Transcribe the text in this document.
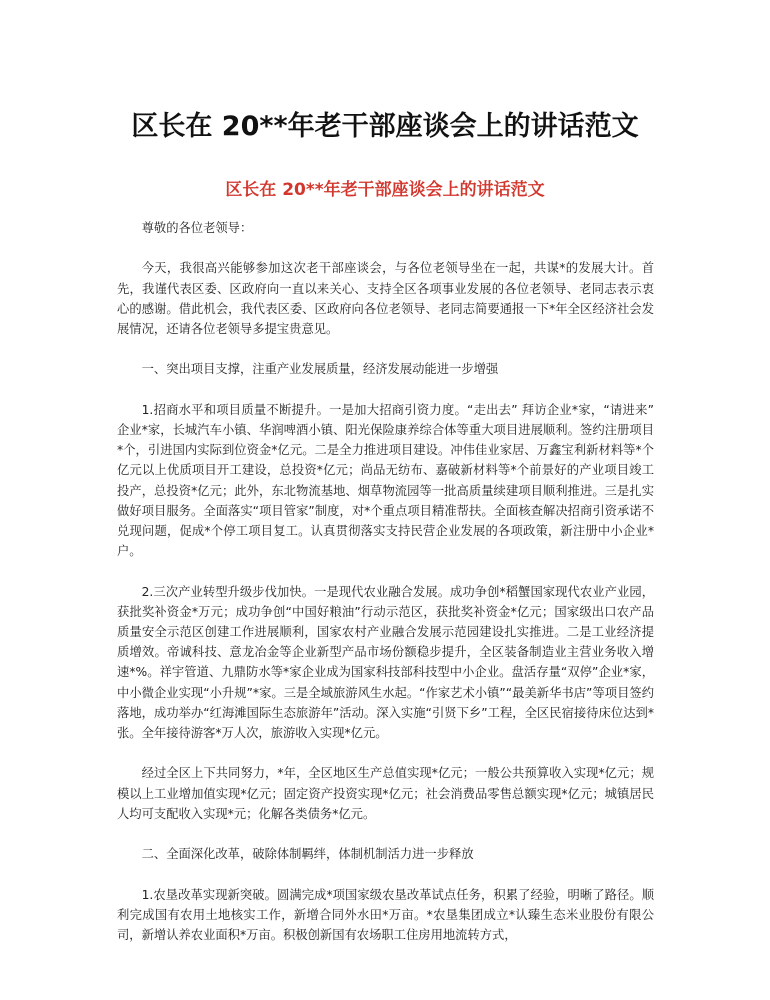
区长在 20**年老干部座谈会上的讲话范文
区长在 20**年老干部座谈会上的讲话范文

尊敬的各位老领导：

今天，我很高兴能够参加这次老干部座谈会，与各位老领导坐在一起，共谋*的发展大计。首先，我谨代表区委、区政府向一直以来关心、支持全区各项事业发展的各位老领导、老同志表示衷心的感谢。借此机会，我代表区委、区政府向各位老领导、老同志简要通报一下*年全区经济社会发展情况，还请各位老领导多提宝贵意见。

一、突出项目支撑，注重产业发展质量，经济发展动能进一步增强

1.招商水平和项目质量不断提升。一是加大招商引资力度。“走出去” 拜访企业*家，“请进来” 企业*家，长城汽车小镇、华润啤酒小镇、阳光保险康养综合体等重大项目进展顺利。签约注册项目*个，引进国内实际到位资金*亿元。二是全力推进项目建设。冲伟佳业家居、万鑫宝利新材料等*个亿元以上优质项目开工建设，总投资*亿元；尚品无纺布、嘉破新材料等*个前景好的产业项目竣工投产，总投资*亿元；此外，东北物流基地、烟草物流园等一批高质量续建项目顺利推进。三是扎实做好项目服务。全面落实“项目管家”制度，对*个重点项目精准帮扶。全面核查解决招商引资承诺不兑现问题，促成*个停工项目复工。认真贯彻落实支持民营企业发展的各项政策，新注册中小企业*户。

2.三次产业转型升级步伐加快。一是现代农业融合发展。成功争创*稻蟹国家现代农业产业园，获批奖补资金*万元；成功争创“中国好粮油”行动示范区，获批奖补资金*亿元；国家级出口农产品质量安全示范区创建工作进展顺利，国家农村产业融合发展示范园建设扎实推进。二是工业经济提质增效。帝诚科技、意龙冶金等企业新型产品市场份额稳步提升，全区装备制造业主营业务收入增速*%。祥宇管道、九鼎防水等*家企业成为国家科技部科技型中小企业。盘活存量“双停”企业*家，中小微企业实现“小升规”*家。三是全域旅游风生水起。“作家艺术小镇”“最美新华书店”等项目签约落地，成功举办“红海滩国际生态旅游年”活动。深入实施“引贤下乡”工程，全区民宿接待床位达到*张。全年接待游客*万人次，旅游收入实现*亿元。

经过全区上下共同努力，*年，全区地区生产总值实现*亿元；一般公共预算收入实现*亿元；规模以上工业增加值实现*亿元；固定资产投资实现*亿元；社会消费品零售总额实现*亿元；城镇居民人均可支配收入实现*元；化解各类债务*亿元。

二、全面深化改革，破除体制羁绊，体制机制活力进一步释放

1.农垦改革实现新突破。圆满完成*项国家级农垦改革试点任务，积累了经验，明晰了路径。顺利完成国有农用土地核实工作，新增合同外水田*万亩。*农垦集团成立*认臻生态米业股份有限公司，新增认养农业面积*万亩。积极创新国有农场职工住房用地流转方式，
